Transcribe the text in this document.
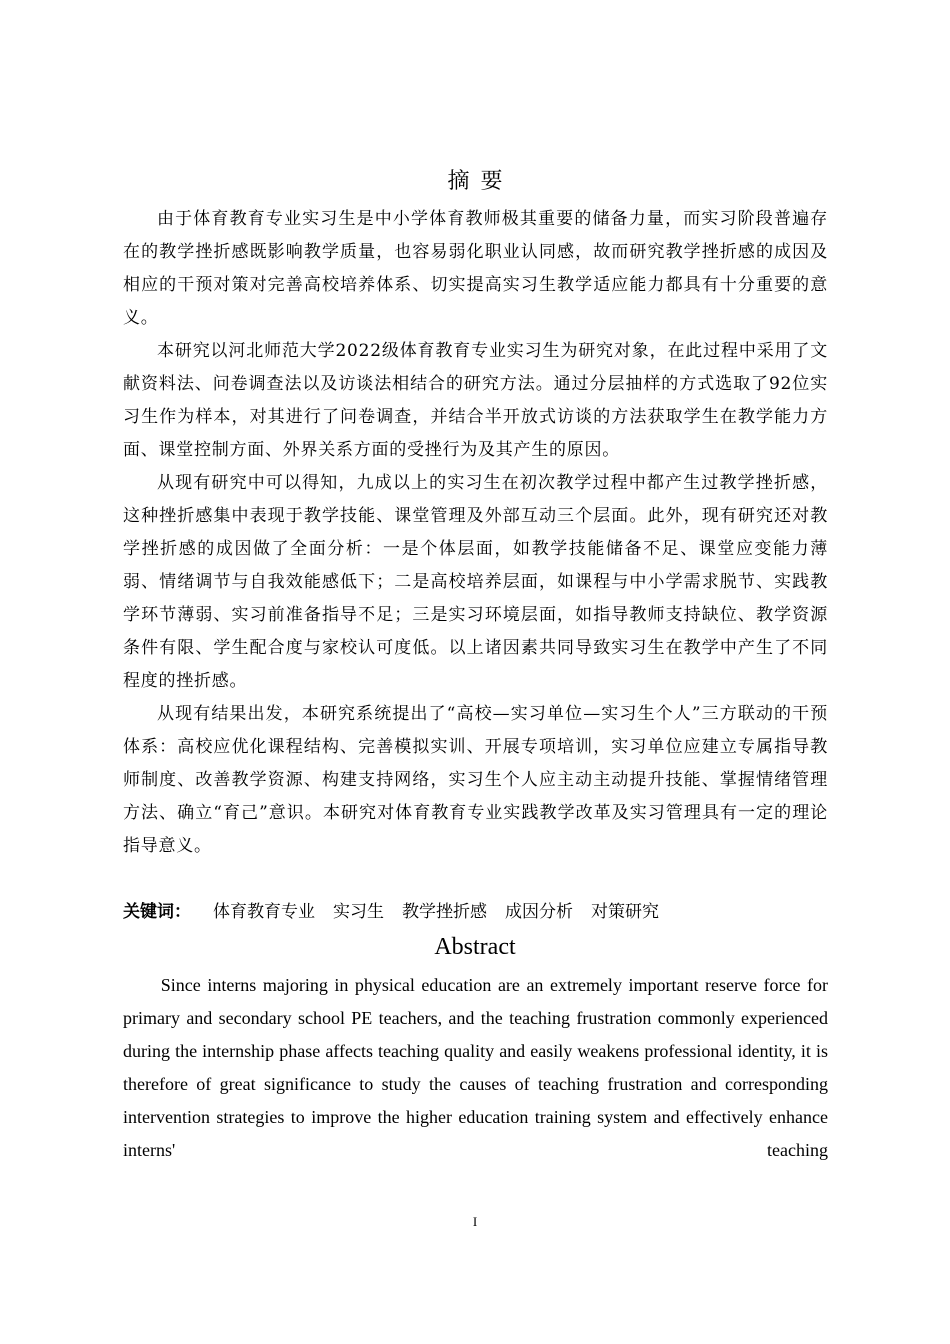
摘要

由于体育教育专业实习生是中小学体育教师极其重要的储备力量，而实习阶段普遍存在的教学挫折感既影响教学质量，也容易弱化职业认同感，故而研究教学挫折感的成因及相应的干预对策对完善高校培养体系、切实提高实习生教学适应能力都具有十分重要的意义。

本研究以河北师范大学2022级体育教育专业实习生为研究对象，在此过程中采用了文献资料法、问卷调查法以及访谈法相结合的研究方法。通过分层抽样的方式选取了92位实习生作为样本，对其进行了问卷调查，并结合半开放式访谈的方法获取学生在教学能力方面、课堂控制方面、外界关系方面的受挫行为及其产生的原因。

从现有研究中可以得知，九成以上的实习生在初次教学过程中都产生过教学挫折感，这种挫折感集中表现于教学技能、课堂管理及外部互动三个层面。此外，现有研究还对教学挫折感的成因做了全面分析：一是个体层面，如教学技能储备不足、课堂应变能力薄弱、情绪调节与自我效能感低下；二是高校培养层面，如课程与中小学需求脱节、实践教学环节薄弱、实习前准备指导不足；三是实习环境层面，如指导教师支持缺位、教学资源条件有限、学生配合度与家校认可度低。以上诸因素共同导致实习生在教学中产生了不同程度的挫折感。

从现有结果出发，本研究系统提出了“高校—实习单位—实习生个人”三方联动的干预体系：高校应优化课程结构、完善模拟实训、开展专项培训，实习单位应建立专属指导教师制度、改善教学资源、构建支持网络，实习生个人应主动主动提升技能、掌握情绪管理方法、确立“育己”意识。本研究对体育教育专业实践教学改革及实习管理具有一定的理论指导意义。

关键词： 体育教育专业 实习生 教学挫折感 成因分析 对策研究
Abstract

Since interns majoring in physical education are an extremely important reserve force for primary and secondary school PE teachers, and the teaching frustration commonly experienced during the internship phase affects teaching quality and easily weakens professional identity, it is therefore of great significance to study the causes of teaching frustration and corresponding intervention strategies to improve the higher education training system and effectively enhance interns' teaching

I
